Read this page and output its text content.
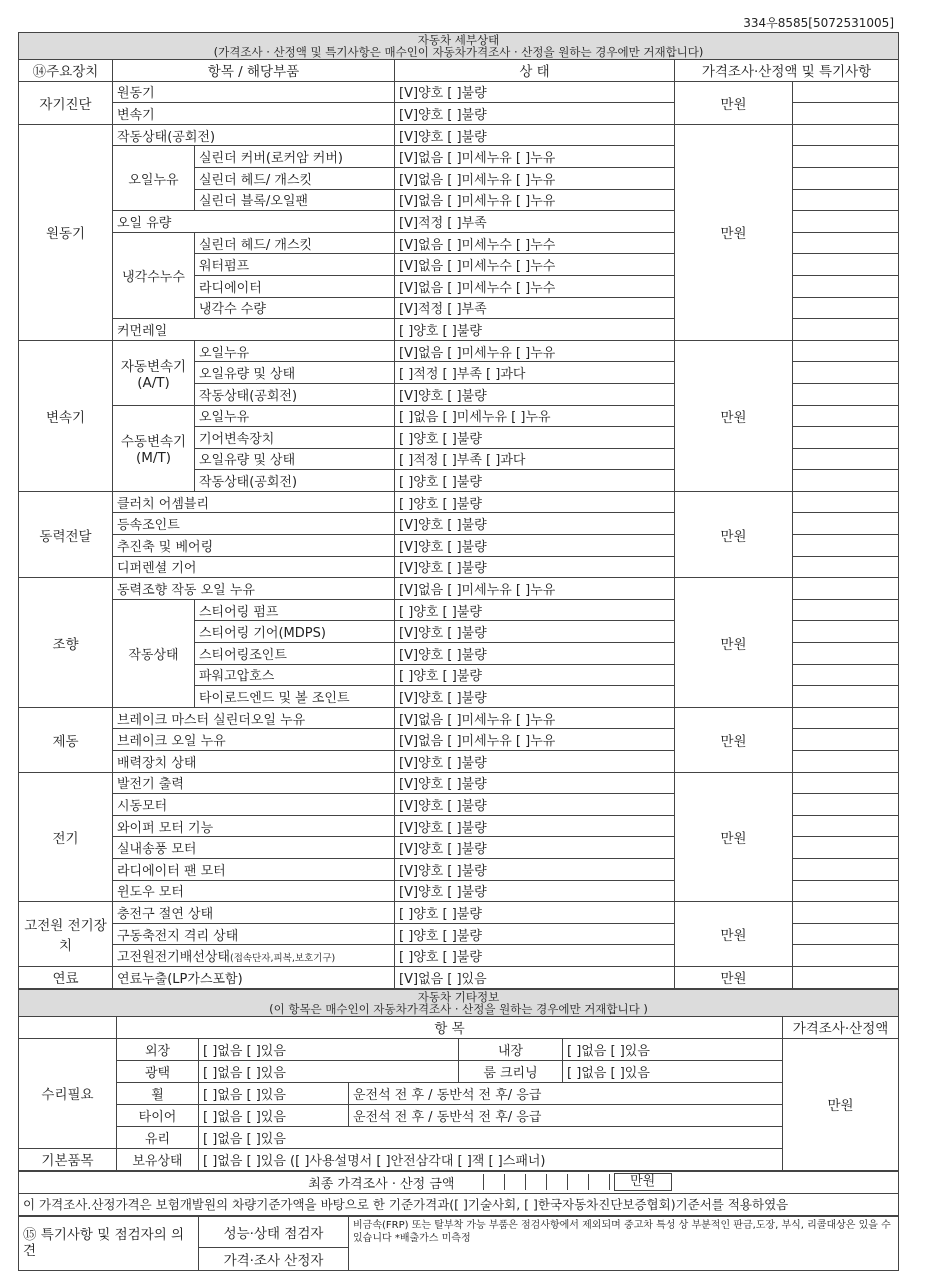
334우8585[5072531005]
자동차 세부상태
(가격조사 · 산정액 및 특기사항은 매수인이 자동차가격조사 · 산정을 원하는 경우에만 거재합니다)					

⑭주요장치	항목 / 해당부품		상 태	가격조사·산정액 및 특기사항	
자기진단	원동기		[V]양호 [ ]불량	만원	
	변속기		[V]양호 [ ]불량		
원동기	작동상태(공회전)		[V]양호 [ ]불량	만원	
	오일누유	실린더 커버(로커암 커버)	[V]없음 [ ]미세누유 [ ]누유		
		실린더 헤드/ 개스킷	[V]없음 [ ]미세누유 [ ]누유		
		실린더 블록/오일팬	[V]없음 [ ]미세누유 [ ]누유		
	오일 유량		[V]적정 [ ]부족		
	냉각수누수	실린더 헤드/ 개스킷	[V]없음 [ ]미세누수 [ ]누수		
		워터펌프	[V]없음 [ ]미세누수 [ ]누수		
		라디에이터	[V]없음 [ ]미세누수 [ ]누수		
		냉각수 수량	[V]적정 [ ]부족		
	커먼레일		[ ]양호 [ ]불량		
변속기	자동변속기 (A/T)	오일누유	[V]없음 [ ]미세누유 [ ]누유	만원	
		오일유량 및 상태	[ ]적정 [ ]부족 [ ]과다		
		작동상태(공회전)	[V]양호 [ ]불량		
	수동변속기 (M/T)	오일누유	[ ]없음 [ ]미세누유 [ ]누유		
		기어변속장치	[ ]양호 [ ]불량		
		오일유량 및 상태	[ ]적정 [ ]부족 [ ]과다		
		작동상태(공회전)	[ ]양호 [ ]불량		
동력전달	클러치 어셈블리		[ ]양호 [ ]불량	만원	
	등속조인트		[V]양호 [ ]불량		
	추진축 및 베어링		[V]양호 [ ]불량		
	디퍼렌셜 기어		[V]양호 [ ]불량		
조향	동력조향 작동 오일 누유		[V]없음 [ ]미세누유 [ ]누유	만원	
	작동상태	스티어링 펌프	[ ]양호 [ ]불량		
		스티어링 기어(MDPS)	[V]양호 [ ]불량		
		스티어링조인트	[V]양호 [ ]불량		
		파워고압호스	[ ]양호 [ ]불량		
		타이로드엔드 및 볼 조인트	[V]양호 [ ]불량		
제동	브레이크 마스터 실린더오일 누유		[V]없음 [ ]미세누유 [ ]누유	만원	
	브레이크 오일 누유		[V]없음 [ ]미세누유 [ ]누유		
	배력장치 상태		[V]양호 [ ]불량		
전기	발전기 출력		[V]양호 [ ]불량	만원	
	시동모터		[V]양호 [ ]불량		
	와이퍼 모터 기능		[V]양호 [ ]불량		
	실내송풍 모터		[V]양호 [ ]불량		
	라디에이터 팬 모터		[V]양호 [ ]불량		
	윈도우 모터		[V]양호 [ ]불량		
고전원 전기장치	충전구 절연 상태		[ ]양호 [ ]불량	만원	
	구동축전지 격리 상태		[ ]양호 [ ]불량		
	고전원전기배선상태(접속단자,피복,보호기구)		[ ]양호 [ ]불량		
연료	연료누출(LP가스포함)		[V]없음 [ ]있음	만원	
자동차 기타정보
(이 항목은 매수인이 자동차가격조사 · 산정을 원하는 경우에만 거재합니다 )						

	항 목					가격조사·산정액
수리필요	외장	[ ]없음 [ ]있음		내장	[ ]없음 [ ]있음	만원
	광택	[ ]없음 [ ]있음		룸 크리닝	[ ]없음 [ ]있음	
	휠	[ ]없음 [ ]있음	운전석 전 후 / 동반석 전 후/ 응급			
	타이어	[ ]없음 [ ]있음	운전석 전 후 / 동반석 전 후/ 응급			
	유리	[ ]없음 [ ]있음				
기본품목	보유상태	[ ]없음 [ ]있음 ([ ]사용설명서 [ ]안전삼각대 [ ]잭 [ ]스패너)				
최종 가격조사 · 산정 금액	만원
이 가격조사.산정가격은 보험개발원의 차량기준가액을 바탕으로 한 기준가격과([ ]기술사회, [ ]한국자동차진단보증협회)기준서를 적용하였음
⑮ 특기사항 및 점검자의 의견	성능·상태 점검자	비금속(FRP) 또는 탈부착 가능 부품은 점검사항에서 제외되며 중고차 특성 상 부분적인 판금,도장, 부식, 리콜대상은 있을 수 있습니다 *배출가스 미측정
가격·조사 산정자
